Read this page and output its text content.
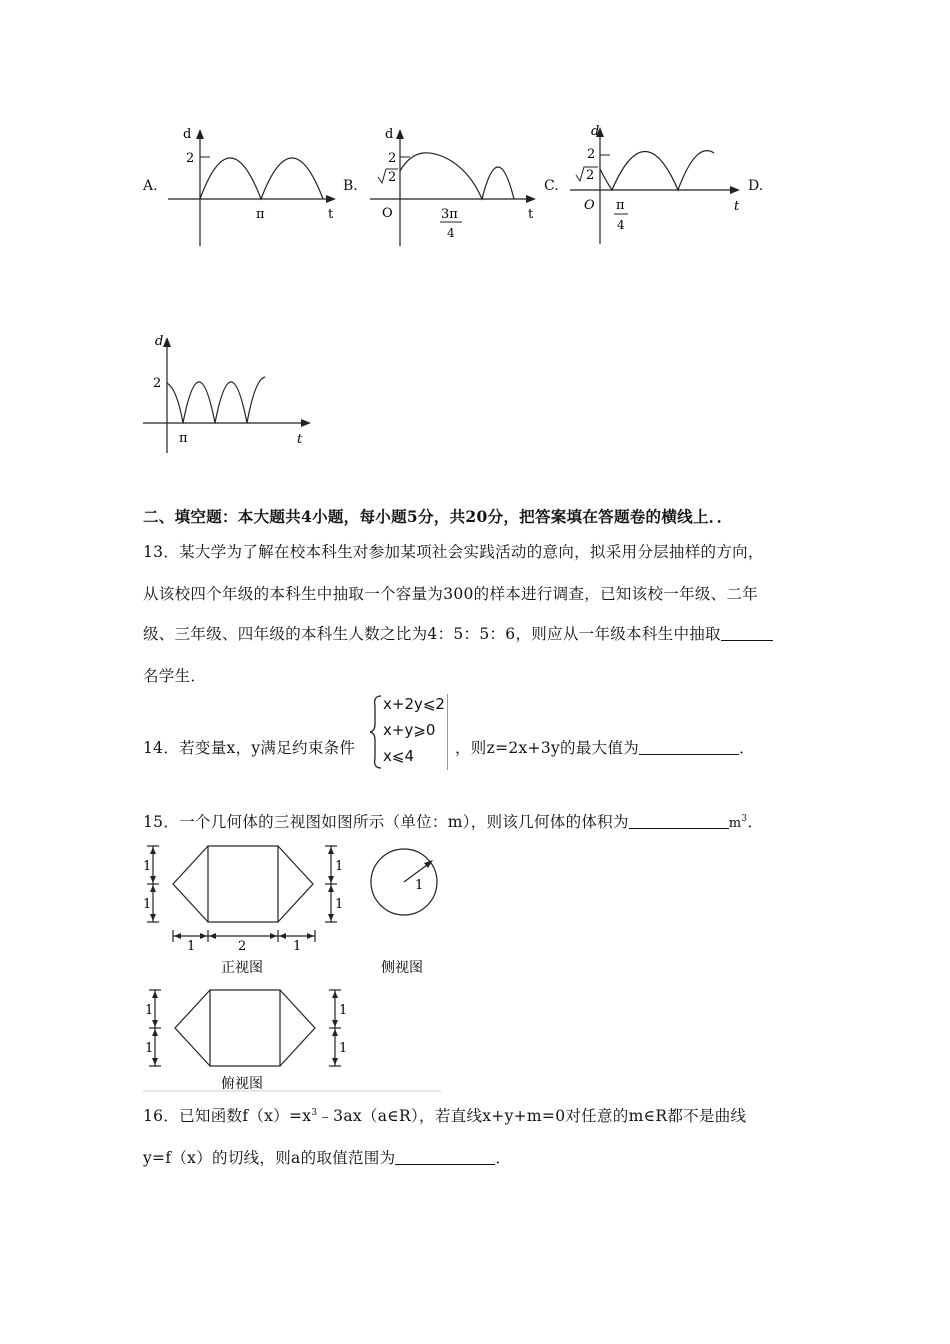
A.
d
2
π	t
B.
d
2
2
O	3π
4
t
C.
d
2
2
O π
4
t
D.
d
2
π	t
二、填空题：本大题共4小题，每小题5分，共20分，把答案填在答题卷的横线上．．
13．某大学为了解在校本科生对参加某项社会实践活动的意向，拟采用分层抽样的方向，
从该校四个年级的本科生中抽取一个容量为300的样本进行调查，已知该校一年级、二年
级、三年级、四年级的本科生人数之比为4：5：5：6，则应从一年级本科生中抽取
名学生．
14．若变量x，y满足约束条件
x+2y⩽2
x+y⩾0
x⩽4	，则z=2x+3y的最大值为	．
15．一个几何体的三视图如图所示（单位：m），则该几何体的体积为	$m^3$．
1
1
1
1
1	2	1
正视图
1
侧视图
1
1
1
1
俯视图
16．已知函数$f(x)=x^3﹣3ax(a\in R)$，若直线x+y+m=0对任意的m∈R都不是曲线
y=f（x）的切线，则a的取值范围为	．
